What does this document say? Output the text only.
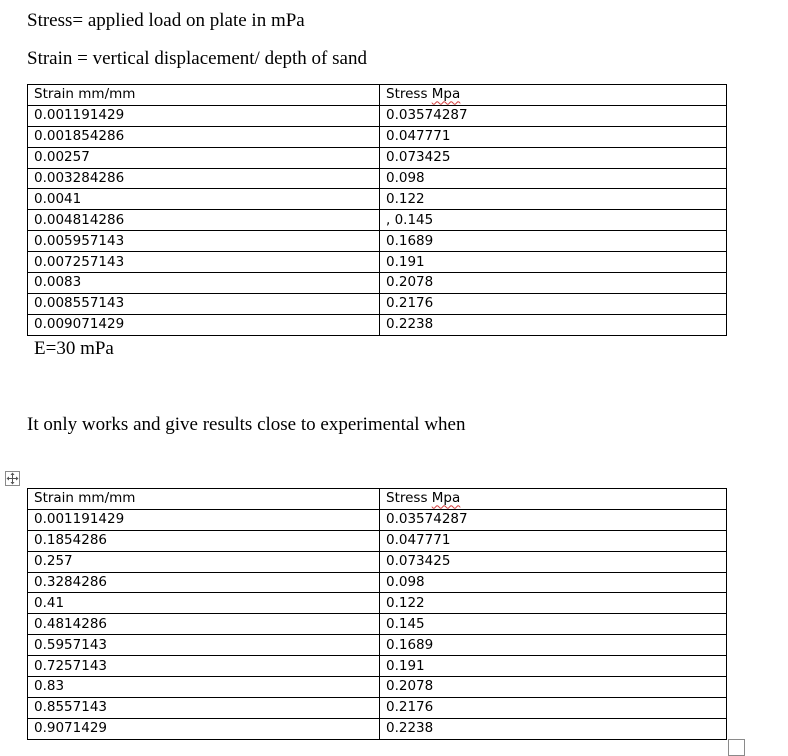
Stress= applied load on plate in mPa
Strain = vertical displacement/ depth of sand
Strain mm/mm	Stress Mpa
0.001191429	0.03574287
0.001854286	0.047771
0.00257	0.073425
0.003284286	0.098
0.0041	0.122
0.004814286	, 0.145
0.005957143	0.1689
0.007257143	0.191
0.0083	0.2078
0.008557143	0.2176
0.009071429	0.2238
E=30 mPa
It only works and give results close to experimental when
Strain mm/mm	Stress Mpa
0.001191429	0.03574287
0.1854286	0.047771
0.257	0.073425
0.3284286	0.098
0.41	0.122
0.4814286	0.145
0.5957143	0.1689
0.7257143	0.191
0.83	0.2078
0.8557143	0.2176
0.9071429	0.2238
